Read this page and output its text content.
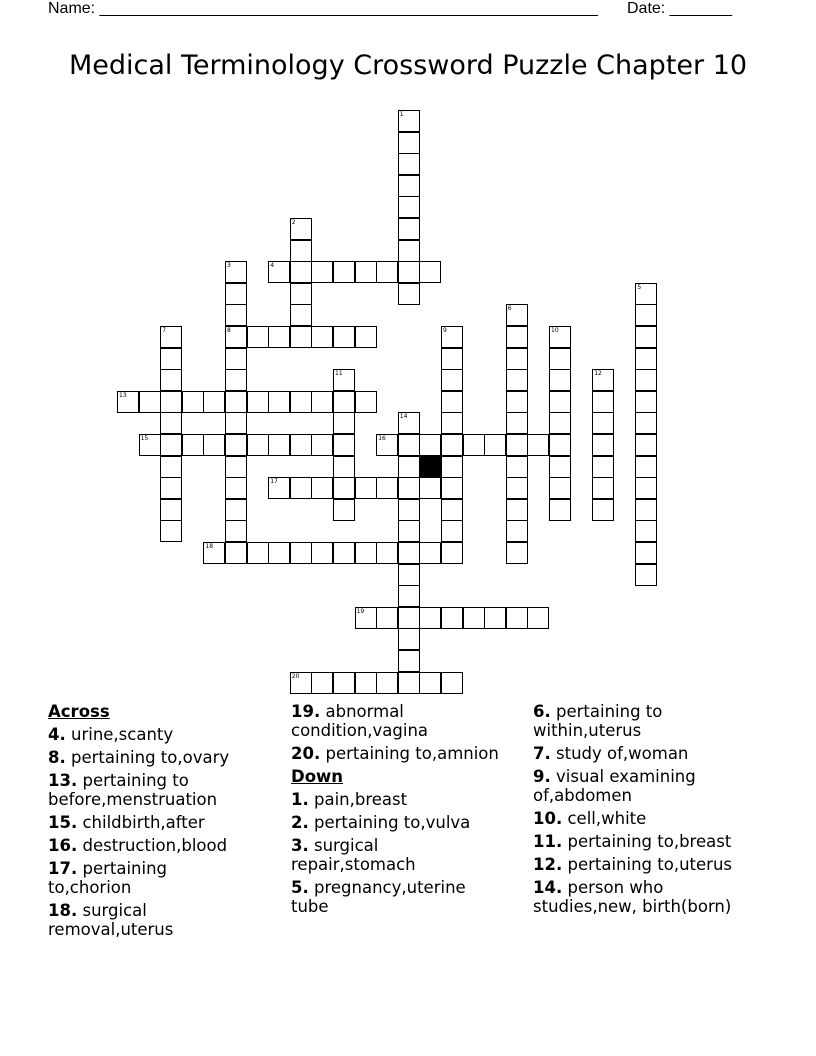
Name: ________________________________________________________ Date: _______
Medical Terminology Crossword Puzzle Chapter 10
1
2
3
8
4
5
6
7	9	10
11	12
13
14
15	16
17
18
19
20
Across
4. urine,scanty
8. pertaining to,ovary
13. pertaining to before,menstruation
15. childbirth,after
16. destruction,blood
17. pertaining to,chorion
18. surgical removal,uterus
19. abnormal condition,vagina
20. pertaining to,amnion
Down
1. pain,breast
2. pertaining to,vulva
3. surgical repair,stomach
5. pregnancy,uterine tube
6. pertaining to within,uterus
7. study of,woman
9. visual examining of,abdomen
10. cell,white
11. pertaining to,breast
12. pertaining to,uterus
14. person who studies,new, birth(born)
